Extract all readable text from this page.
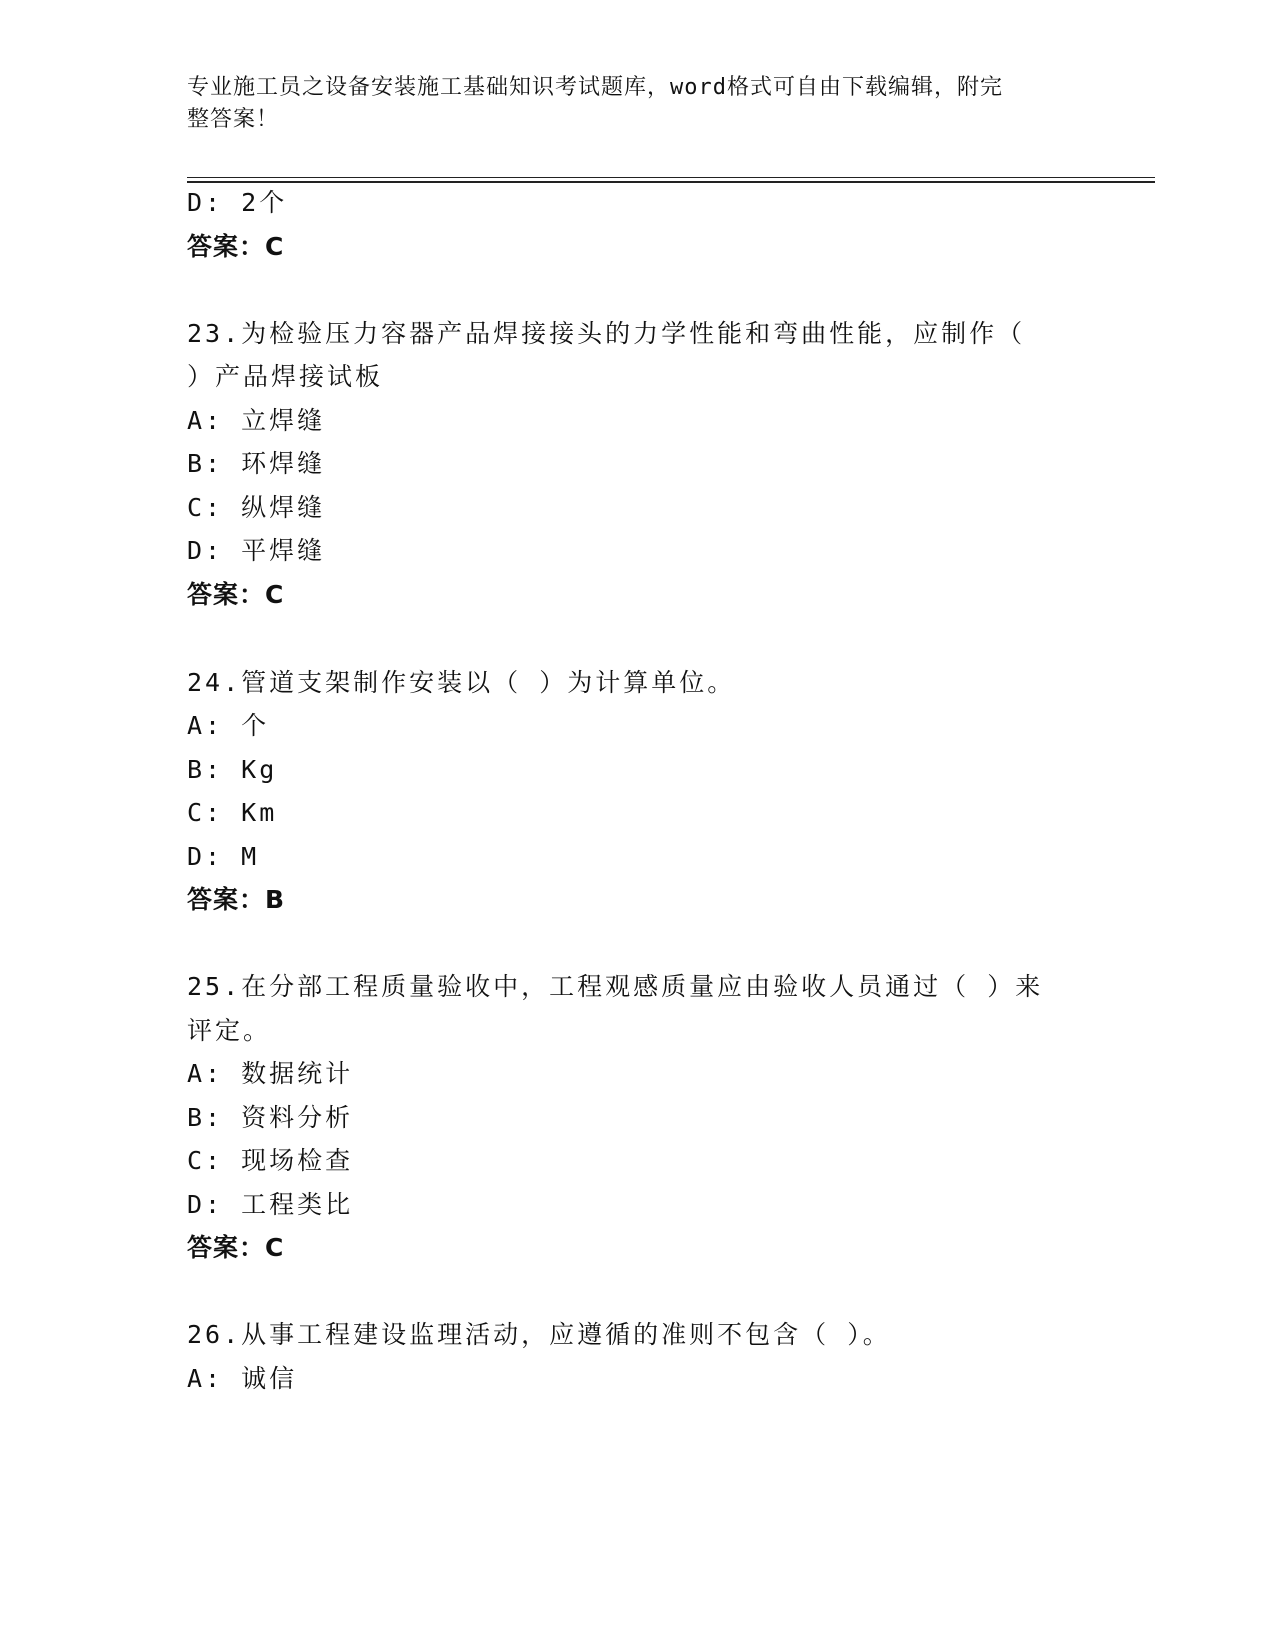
专业施工员之设备安装施工基础知识考试题库，word格式可自由下载编辑，附完
整答案！
D: 2个
答案：C
23.为检验压力容器产品焊接接头的力学性能和弯曲性能，应制作（
）产品焊接试板
A: 立焊缝
B: 环焊缝
C: 纵焊缝
D: 平焊缝
答案：C
24.管道支架制作安装以（ ）为计算单位。
A: 个
B: Kg
C: Km
D: M
答案：B
25.在分部工程质量验收中，工程观感质量应由验收人员通过（ ）来
评定。
A: 数据统计
B: 资料分析
C: 现场检查
D: 工程类比
答案：C
26.从事工程建设监理活动，应遵循的准则不包含（ ）。
A: 诚信
